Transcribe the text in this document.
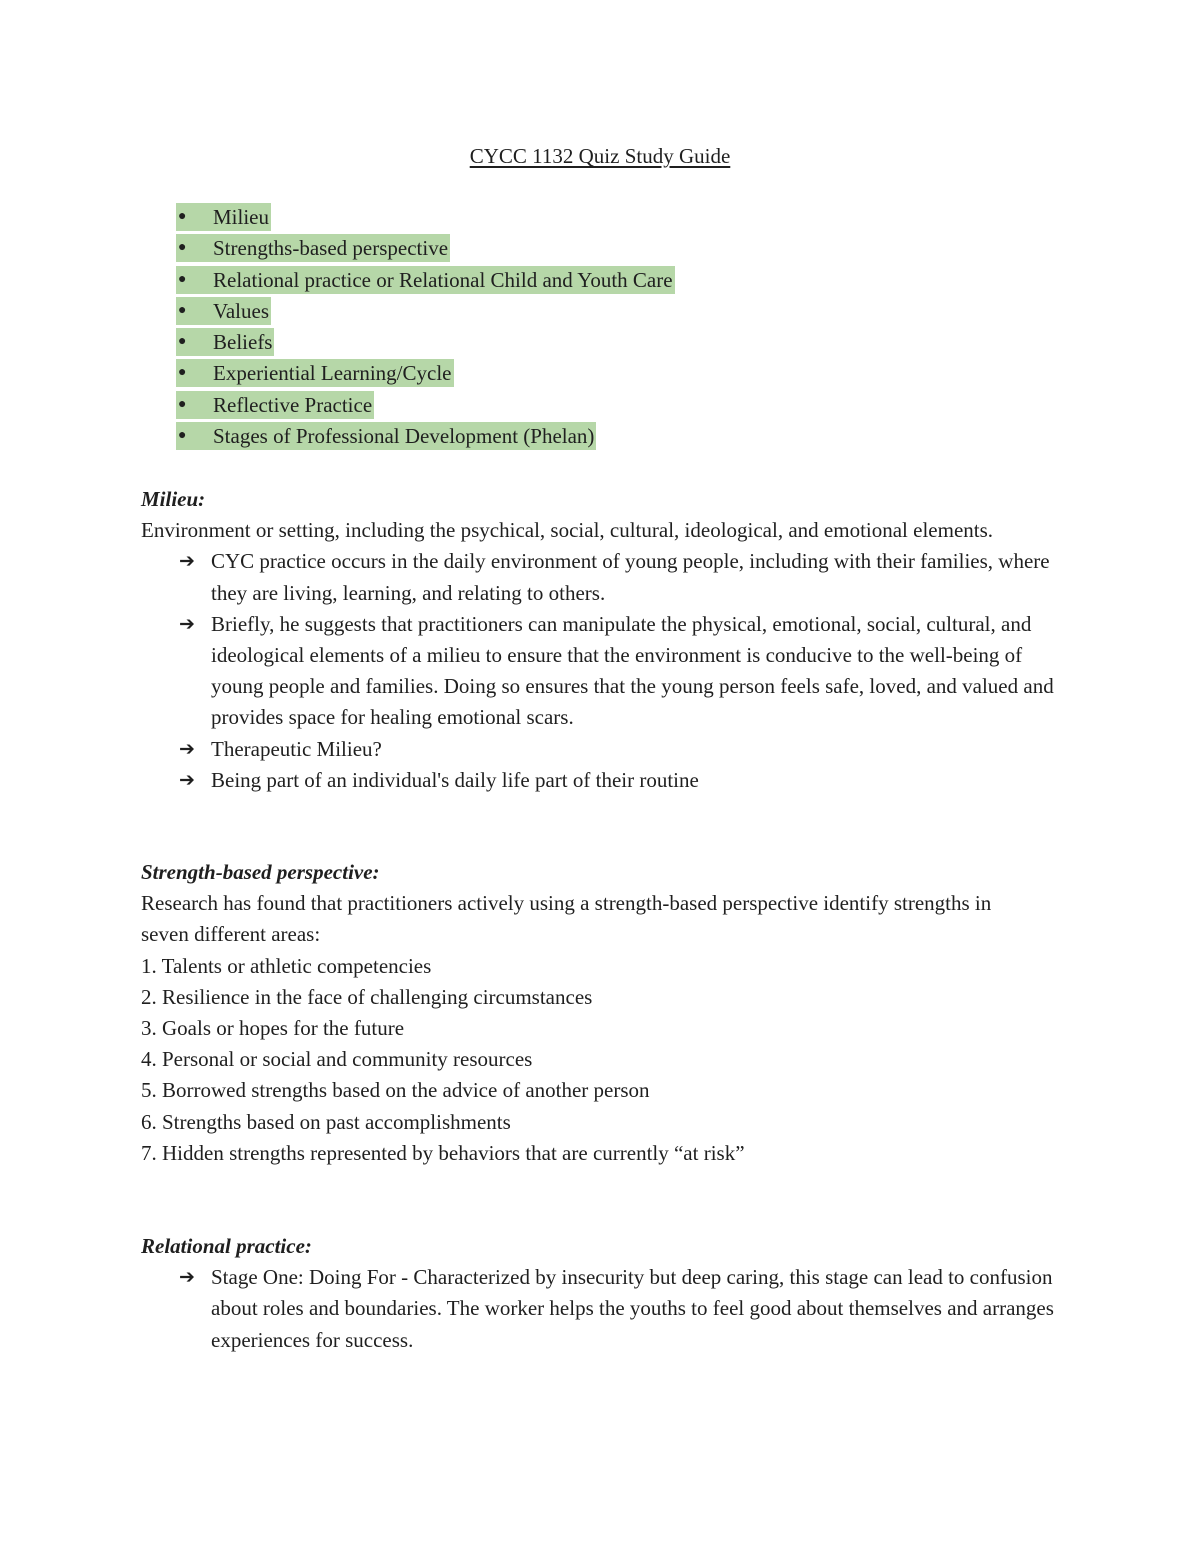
CYCC 1132 Quiz Study Guide
● Milieu
● Strengths-based perspective
● Relational practice or Relational Child and Youth Care
● Values
● Beliefs
● Experiential Learning/Cycle
● Reflective Practice
● Stages of Professional Development (Phelan)
Milieu:
Environment or setting, including the psychical, social, cultural, ideological, and emotional elements.
➔ CYC practice occurs in the daily environment of young people, including with their families, where they are living, learning, and relating to others.
➔ Briefly, he suggests that practitioners can manipulate the physical, emotional, social, cultural, and ideological elements of a milieu to ensure that the environment is conducive to the well-being of young people and families. Doing so ensures that the young person feels safe, loved, and valued and provides space for healing emotional scars.
➔ Therapeutic Milieu?
➔ Being part of an individual's daily life part of their routine
Strength-based perspective:
Research has found that practitioners actively using a strength-based perspective identify strengths in seven different areas:
1. Talents or athletic competencies
2. Resilience in the face of challenging circumstances
3. Goals or hopes for the future
4. Personal or social and community resources
5. Borrowed strengths based on the advice of another person
6. Strengths based on past accomplishments
7. Hidden strengths represented by behaviors that are currently “at risk”
Relational practice:
➔ Stage One: Doing For - Characterized by insecurity but deep caring, this stage can lead to confusion about roles and boundaries. The worker helps the youths to feel good about themselves and arranges experiences for success.
